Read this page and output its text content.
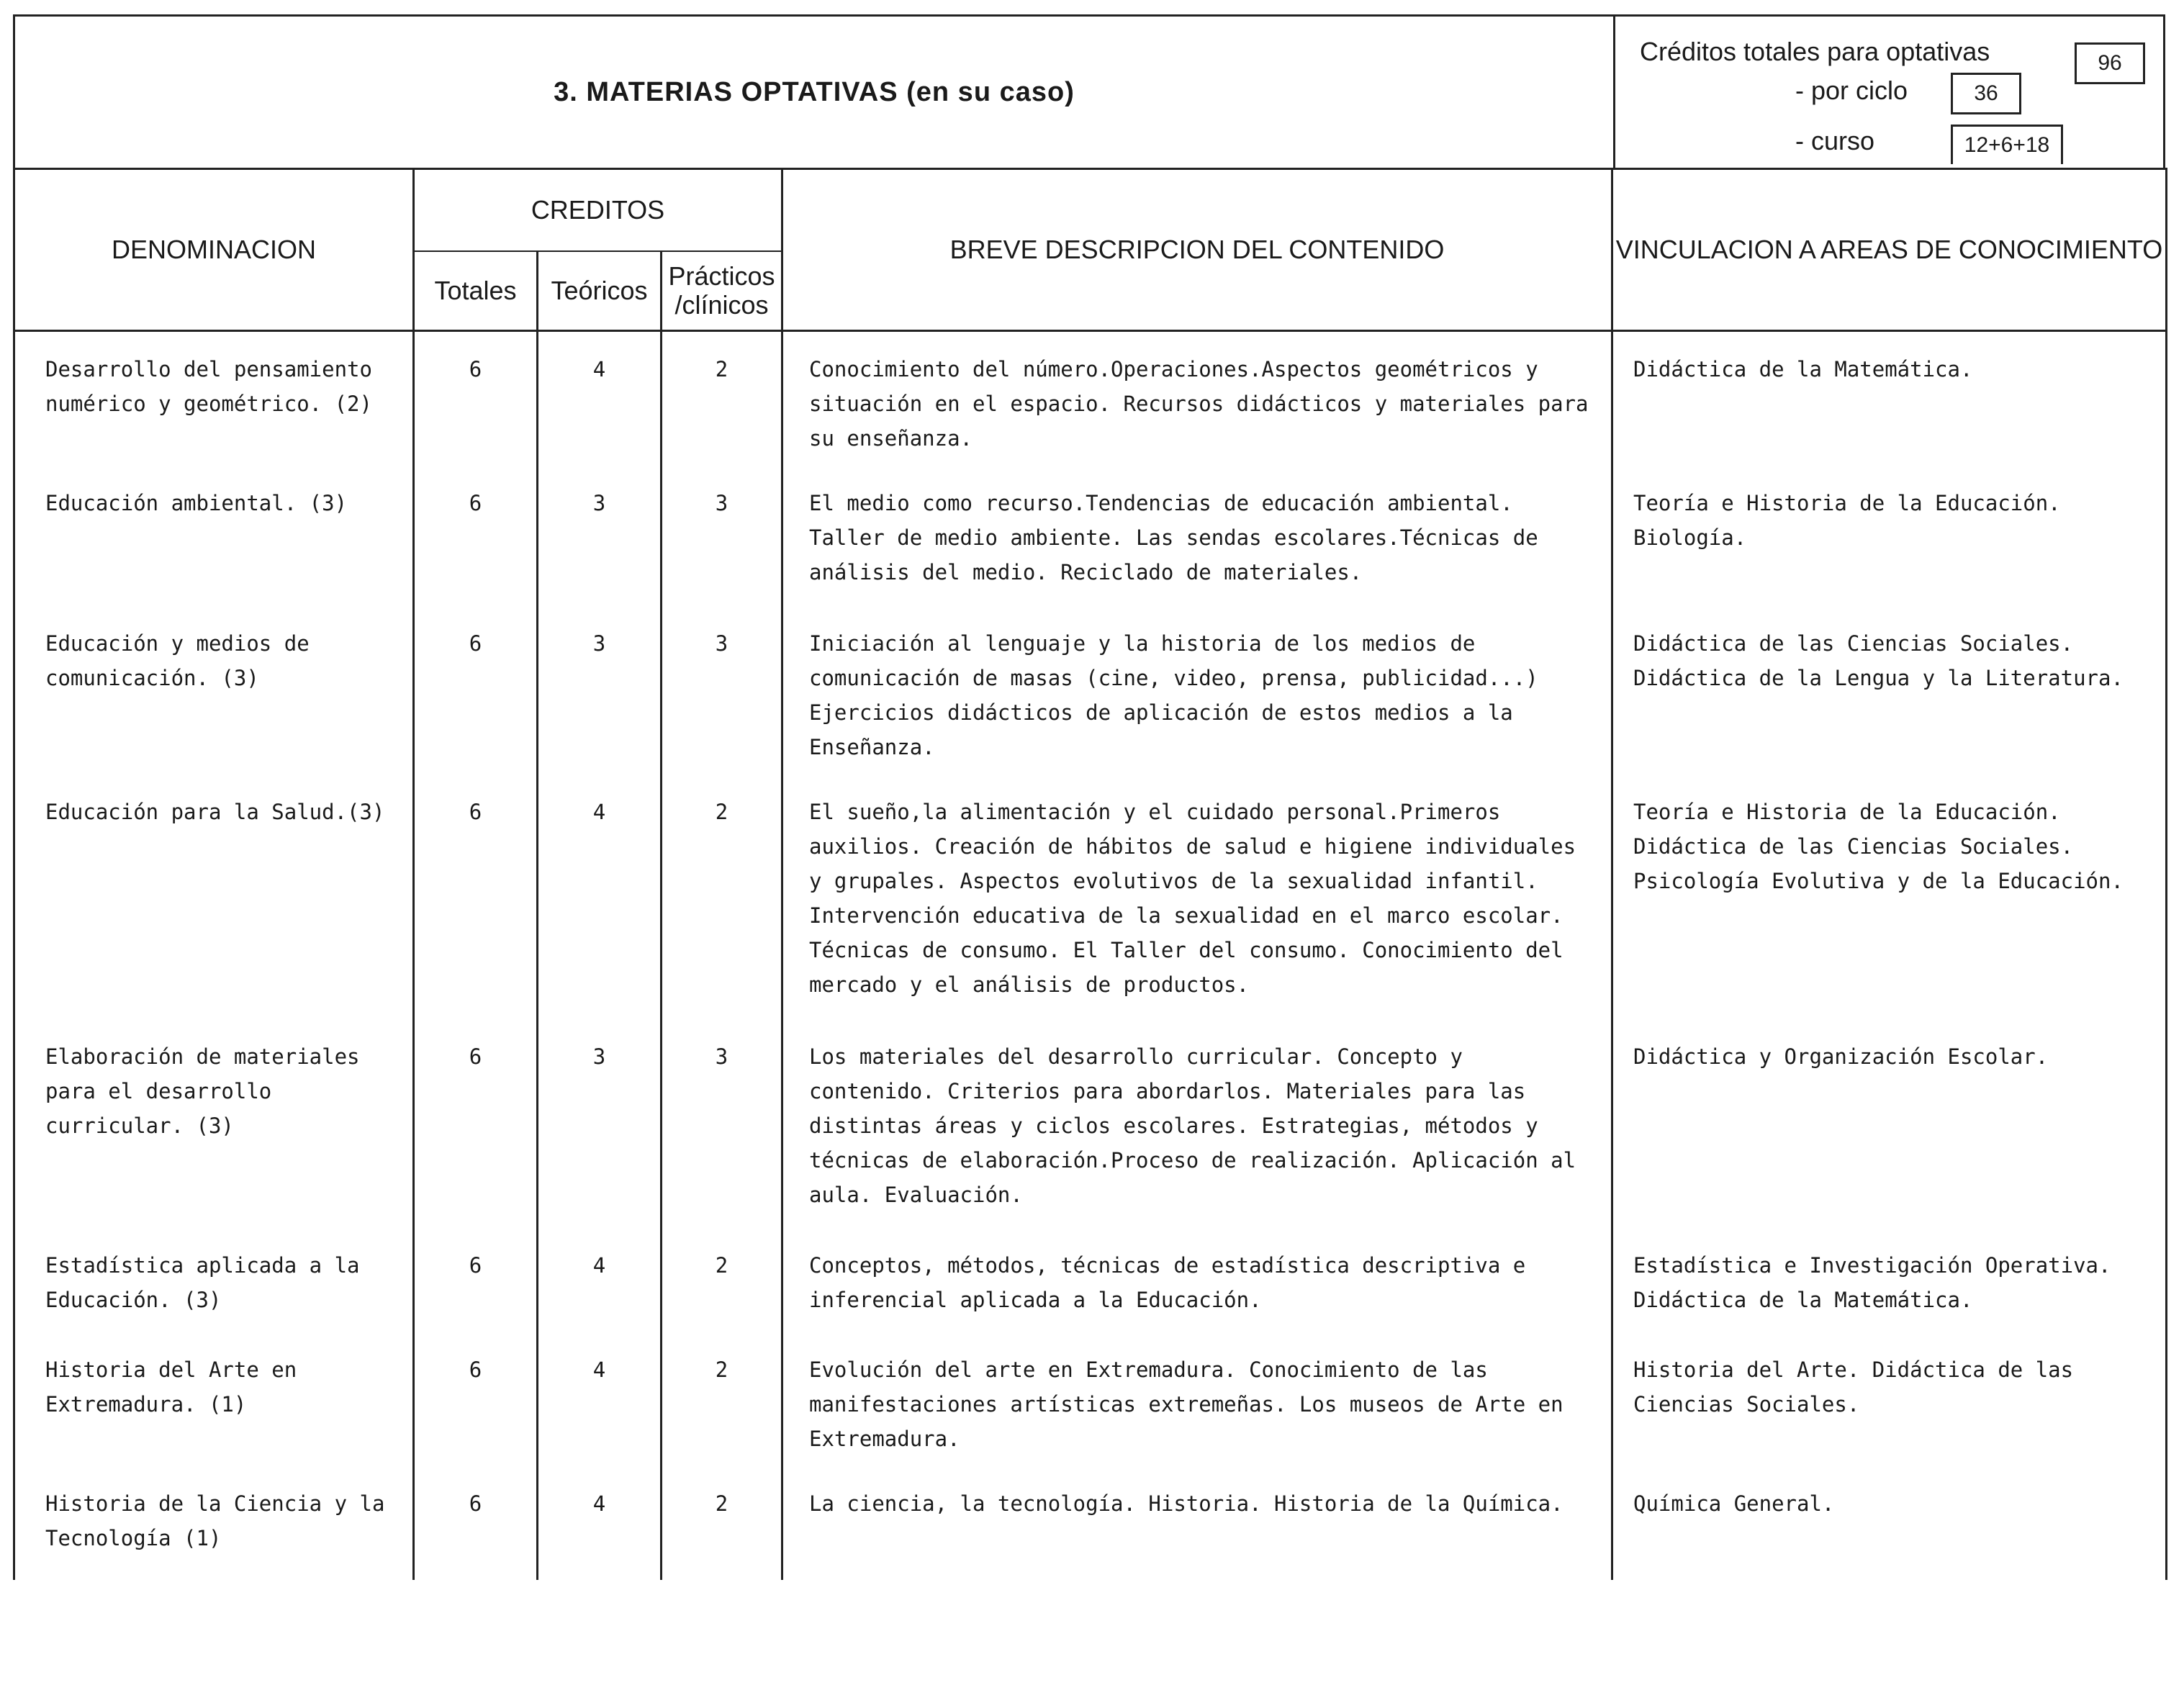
3. MATERIAS OPTATIVAS (en su caso)
Créditos totales para optativas	96
- por ciclo	36
- curso	12+6+18
DENOMINACION	CREDITOS			BREVE DESCRIPCION DEL CONTENIDO	VINCULACION A AREAS DE CONOCIMIENTO
	Totales	Teóricos	Prácticos /clínicos		
Desarrollo del pensamiento numérico y geométrico. (2)	6	4	2	Conocimiento del número.Operaciones.Aspectos geométricos y situación en el espacio. Recursos didácticos y materiales para su enseñanza.	Didáctica de la Matemática.
Educación ambiental. (3)	6	3	3	El medio como recurso.Tendencias de educación ambiental. Taller de medio ambiente. Las sendas escolares.Técnicas de análisis del medio. Reciclado de materiales.	Teoría e Historia de la Educación. Biología.
Educación y medios de comunicación. (3)	6	3	3	Iniciación al lenguaje y la historia de los medios de comunicación de masas (cine, video, prensa, publicidad...) Ejercicios didácticos de aplicación de estos medios a la Enseñanza.	Didáctica de las Ciencias Sociales. Didáctica de la Lengua y la Literatura.
Educación para la Salud.(3)	6	4	2	El sueño,la alimentación y el cuidado personal.Primeros auxilios. Creación de hábitos de salud e higiene individuales y grupales. Aspectos evolutivos de la sexualidad infantil. Intervención educativa de la sexualidad en el marco escolar. Técnicas de consumo. El Taller del consumo. Conocimiento del mercado y el análisis de productos.	Teoría e Historia de la Educación. Didáctica de las Ciencias Sociales. Psicología Evolutiva y de la Educación.
Elaboración de materiales para el desarrollo curricular. (3)	6	3	3	Los materiales del desarrollo curricular. Concepto y contenido. Criterios para abordarlos. Materiales para las distintas áreas y ciclos escolares. Estrategias, métodos y técnicas de elaboración.Proceso de realización. Aplicación al aula. Evaluación.	Didáctica y Organización Escolar.
Estadística aplicada a la Educación. (3)	6	4	2	Conceptos, métodos, técnicas de estadística descriptiva e inferencial aplicada a la Educación.	Estadística e Investigación Operativa. Didáctica de la Matemática.
Historia del Arte en Extremadura. (1)	6	4	2	Evolución del arte en Extremadura. Conocimiento de las manifestaciones artísticas extremeñas. Los museos de Arte en Extremadura.	Historia del Arte. Didáctica de las Ciencias Sociales.
Historia de la Ciencia y la Tecnología (1)	6	4	2	La ciencia, la tecnología. Historia. Historia de la Química.	Química General.
